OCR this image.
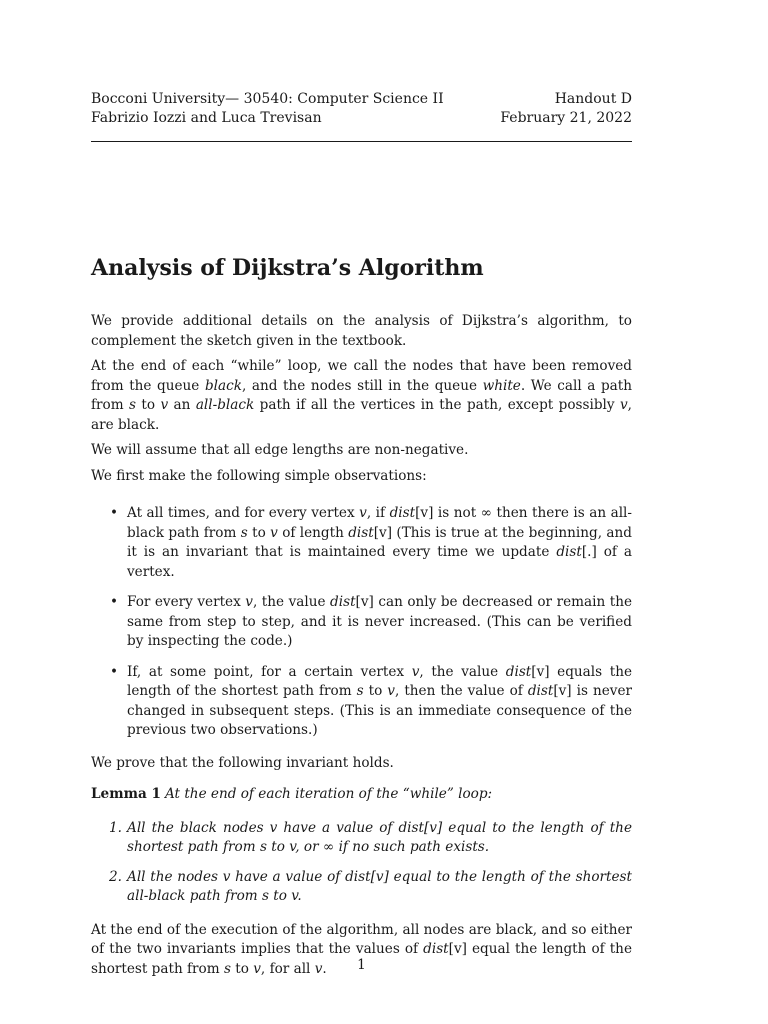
Bocconi University— 30540: Computer Science II	Handout D
Fabrizio Iozzi and Luca Trevisan	February 21, 2022
Analysis of Dijkstra’s Algorithm

We provide additional details on the analysis of Dijkstra’s algorithm, to complement the sketch given in the textbook.

At the end of each “while” loop, we call the nodes that have been removed from the queue black, and the nodes still in the queue white. We call a path from s to v an all-black path if all the vertices in the path, except possibly v, are black.

We will assume that all edge lengths are non-negative.

We first make the following simple observations:

• At all times, and for every vertex v, if dist[v] is not ∞ then there is an all-black path from s to v of length dist[v] (This is true at the beginning, and it is an invariant that is maintained every time we update dist[.] of a vertex.
• For every vertex v, the value dist[v] can only be decreased or remain the same from step to step, and it is never increased. (This can be verified by inspecting the code.)
• If, at some point, for a certain vertex v, the value dist[v] equals the length of the shortest path from s to v, then the value of dist[v] is never changed in subsequent steps. (This is an immediate consequence of the previous two observations.)

We prove that the following invariant holds.

Lemma 1 At the end of each iteration of the “while” loop:

1. All the black nodes v have a value of dist[v] equal to the length of the shortest path from s to v, or ∞ if no such path exists.
2. All the nodes v have a value of dist[v] equal to the length of the shortest all-black path from s to v.

At the end of the execution of the algorithm, all nodes are black, and so either of the two invariants implies that the values of dist[v] equal the length of the shortest path from s to v, for all v.	1
